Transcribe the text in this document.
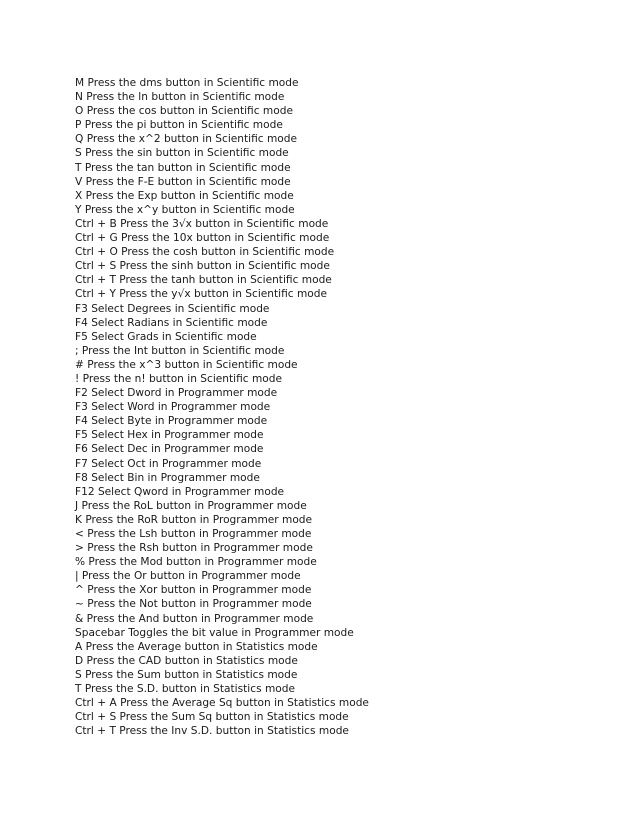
M Press the dms button in Scientific mode
N Press the ln button in Scientific mode
O Press the cos button in Scientific mode
P Press the pi button in Scientific mode
Q Press the x^2 button in Scientific mode
S Press the sin button in Scientific mode
T Press the tan button in Scientific mode
V Press the F-E button in Scientific mode
X Press the Exp button in Scientific mode
Y Press the x^y button in Scientific mode
Ctrl + B Press the 3√x button in Scientific mode
Ctrl + G Press the 10x button in Scientific mode
Ctrl + O Press the cosh button in Scientific mode
Ctrl + S Press the sinh button in Scientific mode
Ctrl + T Press the tanh button in Scientific mode
Ctrl + Y Press the y√x button in Scientific mode
F3 Select Degrees in Scientific mode
F4 Select Radians in Scientific mode
F5 Select Grads in Scientific mode
; Press the Int button in Scientific mode
# Press the x^3 button in Scientific mode
! Press the n! button in Scientific mode
F2 Select Dword in Programmer mode
F3 Select Word in Programmer mode
F4 Select Byte in Programmer mode
F5 Select Hex in Programmer mode
F6 Select Dec in Programmer mode
F7 Select Oct in Programmer mode
F8 Select Bin in Programmer mode
F12 Select Qword in Programmer mode
J Press the RoL button in Programmer mode
K Press the RoR button in Programmer mode
< Press the Lsh button in Programmer mode
> Press the Rsh button in Programmer mode
% Press the Mod button in Programmer mode
| Press the Or button in Programmer mode
^ Press the Xor button in Programmer mode
~ Press the Not button in Programmer mode
& Press the And button in Programmer mode
Spacebar Toggles the bit value in Programmer mode
A Press the Average button in Statistics mode
D Press the CAD button in Statistics mode
S Press the Sum button in Statistics mode
T Press the S.D. button in Statistics mode
Ctrl + A Press the Average Sq button in Statistics mode
Ctrl + S Press the Sum Sq button in Statistics mode
Ctrl + T Press the Inv S.D. button in Statistics mode
